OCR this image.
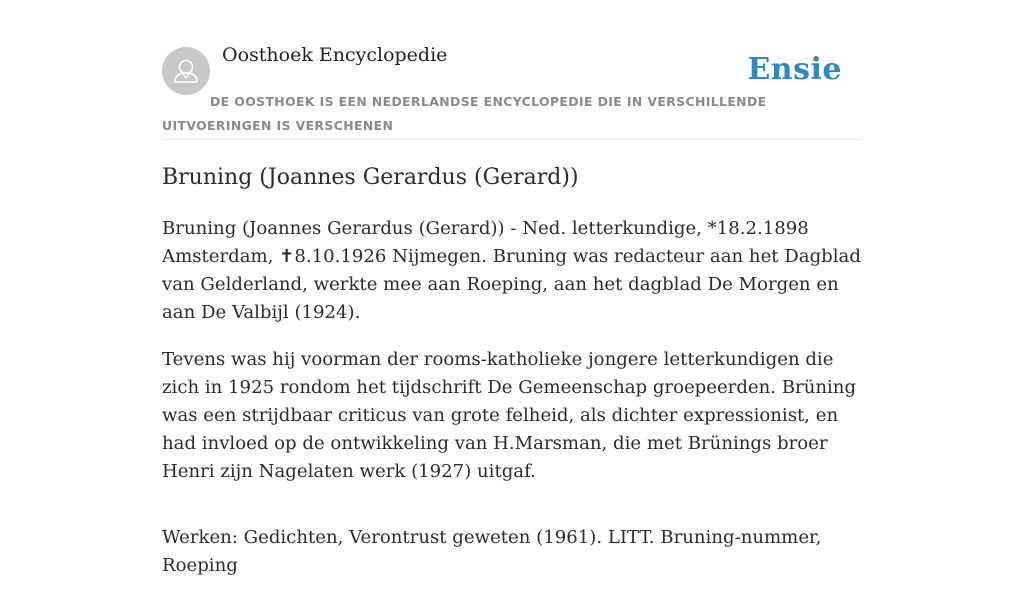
Oosthoek Encyclopedie	Ensie
DE OOSTHOEK IS EEN NEDERLANDSE ENCYCLOPEDIE DIE IN VERSCHILLENDE UITVOERINGEN IS VERSCHENEN
Bruning (Joannes Gerardus (Gerard))

Bruning (Joannes Gerardus (Gerard)) - Ned. letterkundige, *18.2.1898 Amsterdam, ✝8.10.1926 Nijmegen. Bruning was redacteur aan het Dagblad van Gelderland, werkte mee aan Roeping, aan het dagblad De Morgen en aan De Valbijl (1924).

Tevens was hij voorman der rooms-katholieke jongere letterkundigen die zich in 1925 rondom het tijdschrift De Gemeenschap groepeerden. Brüning was een strijdbaar criticus van grote felheid, als dichter expressionist, en had invloed op de ontwikkeling van H.Marsman, die met Brünings broer Henri zijn Nagelaten werk (1927) uitgaf.

Werken: Gedichten, Verontrust geweten (1961). LITT. Bruning-nummer, Roeping
